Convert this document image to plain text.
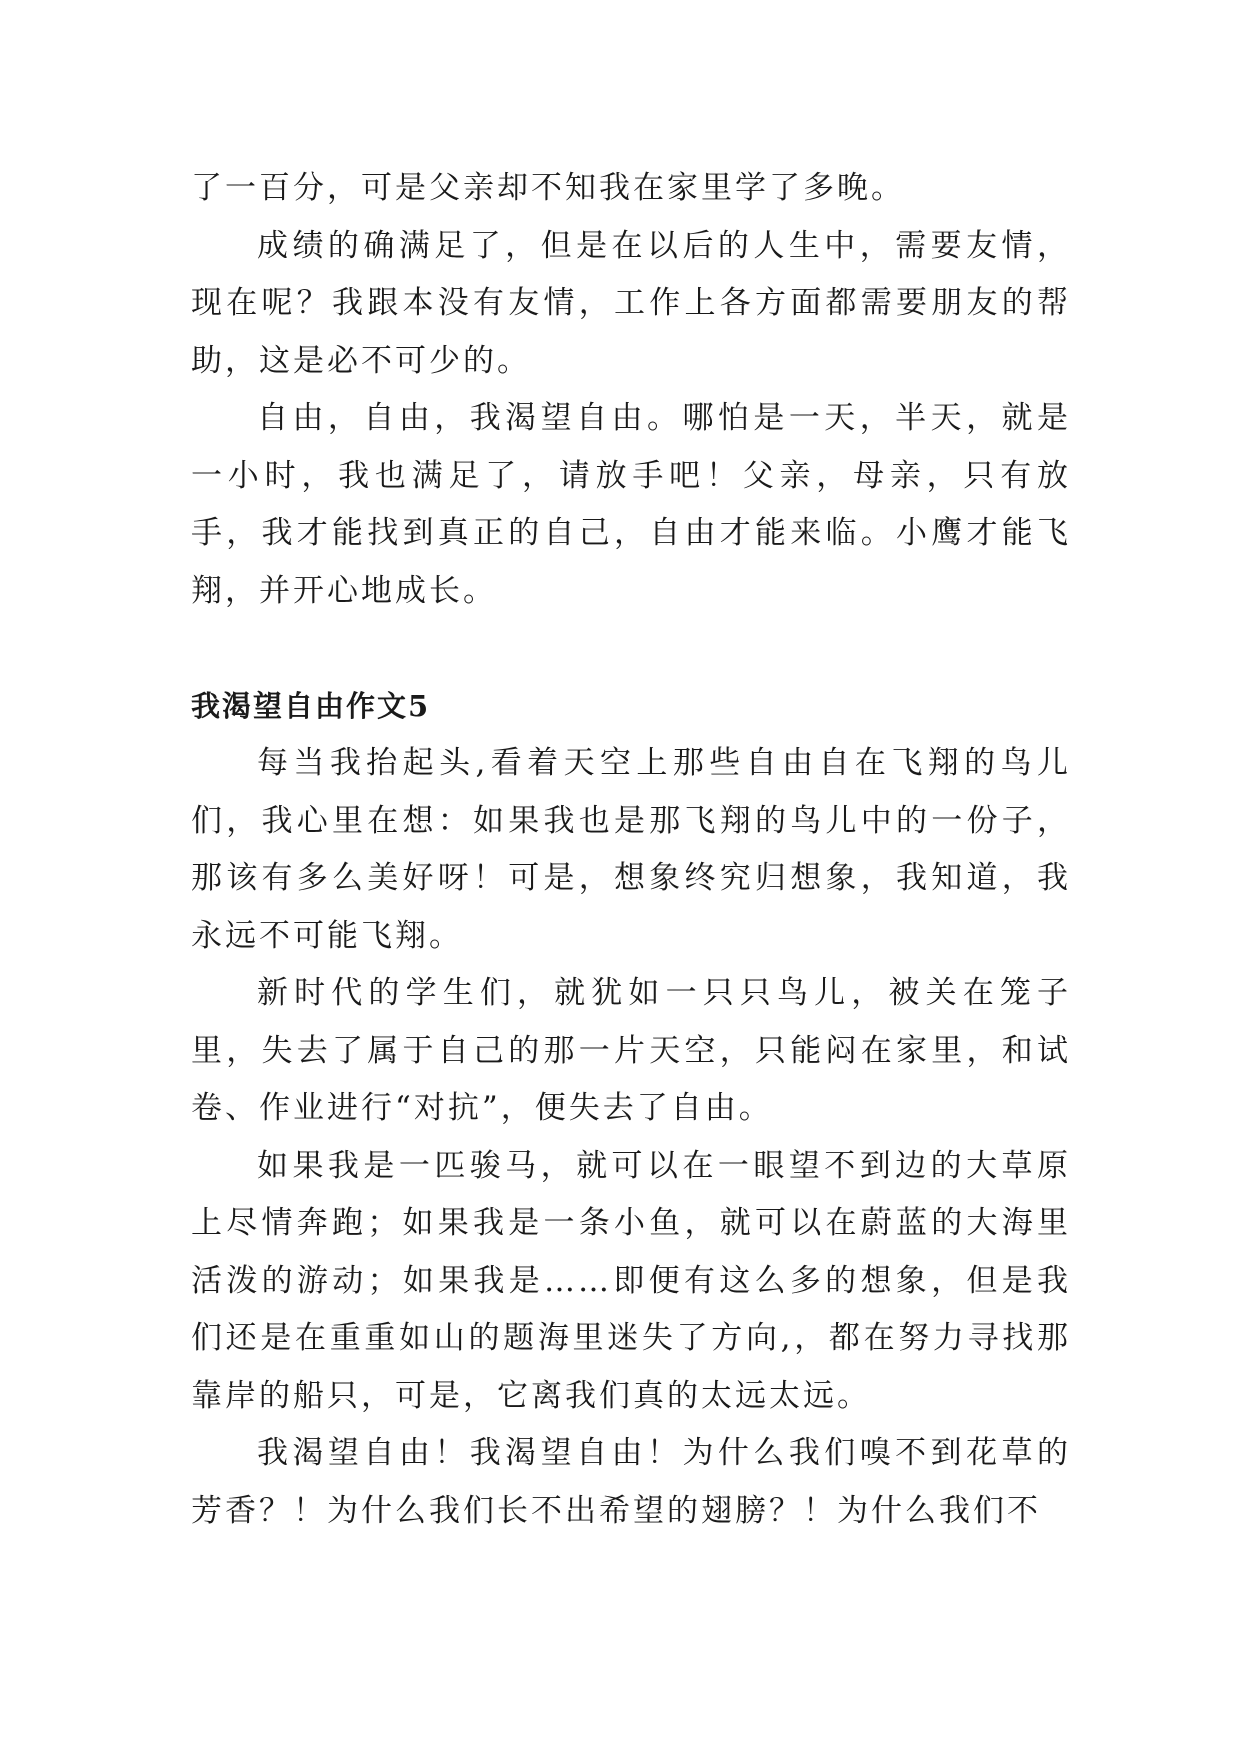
了一百分，可是父亲却不知我在家里学了多晚。

成绩的确满足了，但是在以后的人生中，需要友情，现在呢？我跟本没有友情，工作上各方面都需要朋友的帮助，这是必不可少的。

自由，自由，我渴望自由。哪怕是一天，半天，就是一小时，我也满足了，请放手吧！父亲，母亲，只有放手，我才能找到真正的自己，自由才能来临。小鹰才能飞翔，并开心地成长。

我渴望自由作文5

每当我抬起头,看着天空上那些自由自在飞翔的鸟儿们，我心里在想：如果我也是那飞翔的鸟儿中的一份子，那该有多么美好呀！可是，想象终究归想象，我知道，我永远不可能飞翔。

新时代的学生们，就犹如一只只鸟儿，被关在笼子里，失去了属于自己的那一片天空，只能闷在家里，和试卷、作业进行“对抗”，便失去了自由。

如果我是一匹骏马，就可以在一眼望不到边的大草原上尽情奔跑；如果我是一条小鱼，就可以在蔚蓝的大海里活泼的游动；如果我是……即便有这么多的想象，但是我们还是在重重如山的题海里迷失了方向,，都在努力寻找那靠岸的船只，可是，它离我们真的太远太远。

我渴望自由！我渴望自由！为什么我们嗅不到花草的芳香？！为什么我们长不出希望的翅膀？！为什么我们不
